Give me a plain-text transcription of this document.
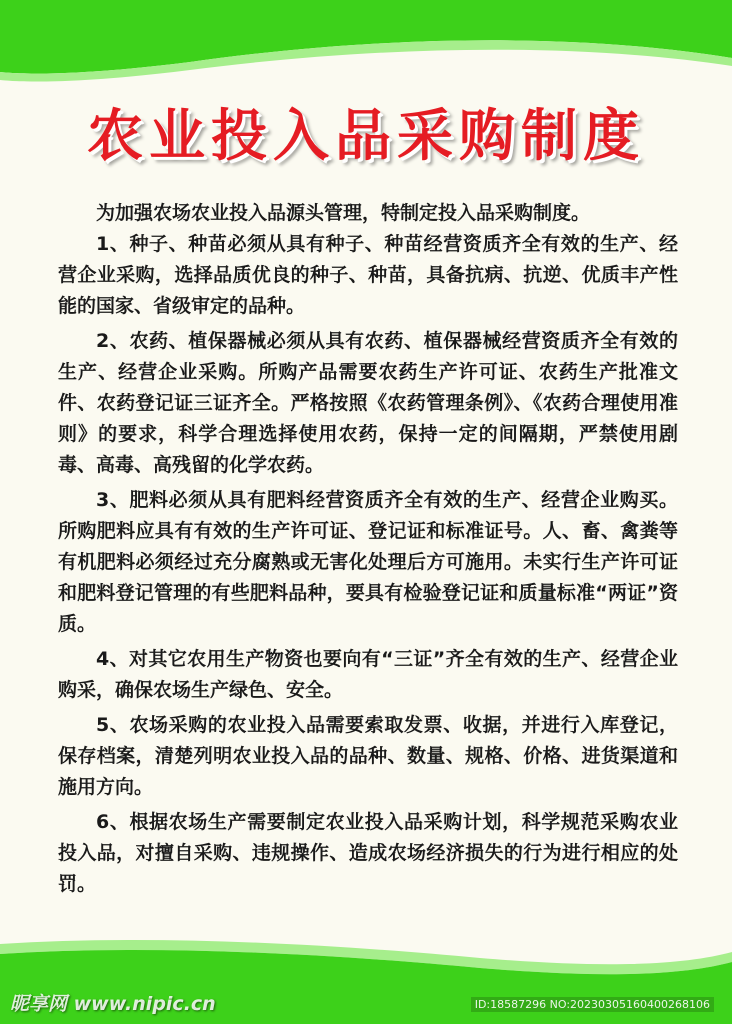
农业投入品采购制度

为加强农场农业投入品源头管理，特制定投入品采购制度。

1、种子、种苗必须从具有种子、种苗经营资质齐全有效的生产、经营企业采购，选择品质优良的种子、种苗，具备抗病、抗逆、优质丰产性能的国家、省级审定的品种。

2、农药、植保器械必须从具有农药、植保器械经营资质齐全有效的生产、经营企业采购。所购产品需要农药生产许可证、农药生产批准文件、农药登记证三证齐全。严格按照《农药管理条例》、《农药合理使用准则》的要求，科学合理选择使用农药，保持一定的间隔期，严禁使用剧毒、高毒、高残留的化学农药。

3、肥料必须从具有肥料经营资质齐全有效的生产、经营企业购买。所购肥料应具有有效的生产许可证、登记证和标准证号。人、畜、禽粪等有机肥料必须经过充分腐熟或无害化处理后方可施用。未实行生产许可证和肥料登记管理的有些肥料品种，要具有检验登记证和质量标准“两证”资质。

4、对其它农用生产物资也要向有“三证”齐全有效的生产、经营企业购采，确保农场生产绿色、安全。

5、农场采购的农业投入品需要索取发票、收据，并进行入库登记，保存档案，清楚列明农业投入品的品种、数量、规格、价格、进货渠道和施用方向。

6、根据农场生产需要制定农业投入品采购计划，科学规范采购农业投入品，对擅自采购、违规操作、造成农场经济损失的行为进行相应的处罚。

昵享网 www.nipic.cn	ID:18587296 NO:20230305160400268106
